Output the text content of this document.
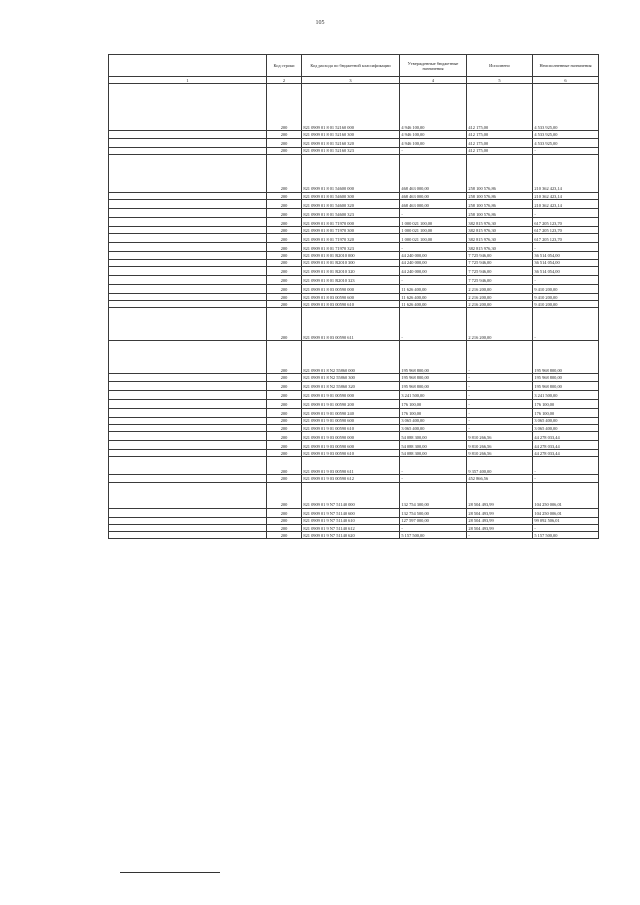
105
	Код строки	Код расхода по бюджетной классификации	Утвержденные бюджетные назначения	Исполнено	Неисполненные назначения
1	2	3	4	5	6
	200	821 0909 01 8 01 52160 000	4 946 100,00	412 175,00	4 533 925,00
	200	821 0909 01 8 01 52160 300	4 946 100,00	412 175,00	4 533 925,00
	200	821 0909 01 8 01 52160 320	4 946 100,00	412 175,00	4 533 925,00
	200	821 0909 01 8 01 52160 323	-	412 175,00	-
	200	821 0909 01 8 01 54600 000	468 463 000,00	258 100 576,86	210 362 423,14
	200	821 0909 01 8 01 54600 300	468 463 000,00	258 100 576,86	210 362 423,14
	200	821 0909 01 8 01 54600 320	468 463 000,00	258 100 576,86	210 362 423,14
	200	821 0909 01 8 01 54600 323	-	258 100 576,86	-
	200	821 0909 01 8 01 71970 000	1 000 021 100,00	382 815 976,30	617 205 123,70
	200	821 0909 01 8 01 71970 300	1 000 021 100,00	382 815 976,30	617 205 123,70
	200	821 0909 01 8 01 71970 320	1 000 021 100,00	382 815 976,30	617 205 123,70
	200	821 0909 01 8 01 71970 323	-	382 815 976,30	-
	200	821 0909 01 8 01 R2010 000	44 240 000,00	7 725 946,00	36 514 054,00
	200	821 0909 01 8 01 R2010 300	44 240 000,00	7 725 946,00	36 514 054,00
	200	821 0909 01 8 01 R2010 320	44 240 000,00	7 725 946,00	36 514 054,00
	200	821 0909 01 8 01 R2010 323	-	7 725 946,00	-
	200	821 0909 01 8 03 00590 000	11 626 400,00	2 216 200,00	9 410 200,00
	200	821 0909 01 8 03 00590 600	11 626 400,00	2 216 200,00	9 410 200,00
	200	821 0909 01 8 03 00590 610	11 626 400,00	2 216 200,00	9 410 200,00
	200	821 0909 01 8 03 00590 611	-	2 216 200,00	-
	200	821 0909 01 8 N2 55860 000	195 968 800,00	-	195 968 800,00
	200	821 0909 01 8 N2 55860 300	195 968 800,00	-	195 968 800,00
	200	821 0909 01 8 N2 55860 320	195 968 800,00	-	195 968 800,00
	200	821 0909 01 9 01 00590 000	3 241 500,00	-	3 241 500,00
	200	821 0909 01 9 01 00590 200	176 100,00	-	176 100,00
	200	821 0909 01 9 01 00590 240	176 100,00	-	176 100,00
	200	821 0909 01 9 01 00590 600	3 065 400,00	-	3 065 400,00
	200	821 0909 01 9 01 00590 610	3 065 400,00	-	3 065 400,00
	200	821 0909 01 9 03 00590 000	54 088 300,00	9 810 266,56	44 278 033,44
	200	821 0909 01 9 03 00590 600	54 088 300,00	9 810 266,56	44 278 033,44
	200	821 0909 01 9 03 00590 610	54 088 300,00	9 810 266,56	44 278 033,44
	200	821 0909 01 9 03 00590 611	-	9 357 400,00	-
	200	821 0909 01 9 03 00590 612	-	452 866,56	-
	200	821 0909 01 9 N7 51140 000	132 754 300,00	28 504 493,99	104 250 006,01
	200	821 0909 01 9 N7 51140 600	132 754 500,00	28 504 493,99	104 250 006,01
	200	821 0909 01 9 N7 51140 610	127 597 000,00	28 504 493,99	99 092 506,01
	200	821 0909 01 9 N7 51140 612	-	28 504 493,99	-
	200	821 0909 01 9 N7 51140 620	5 157 500,00	-	5 157 500,00
